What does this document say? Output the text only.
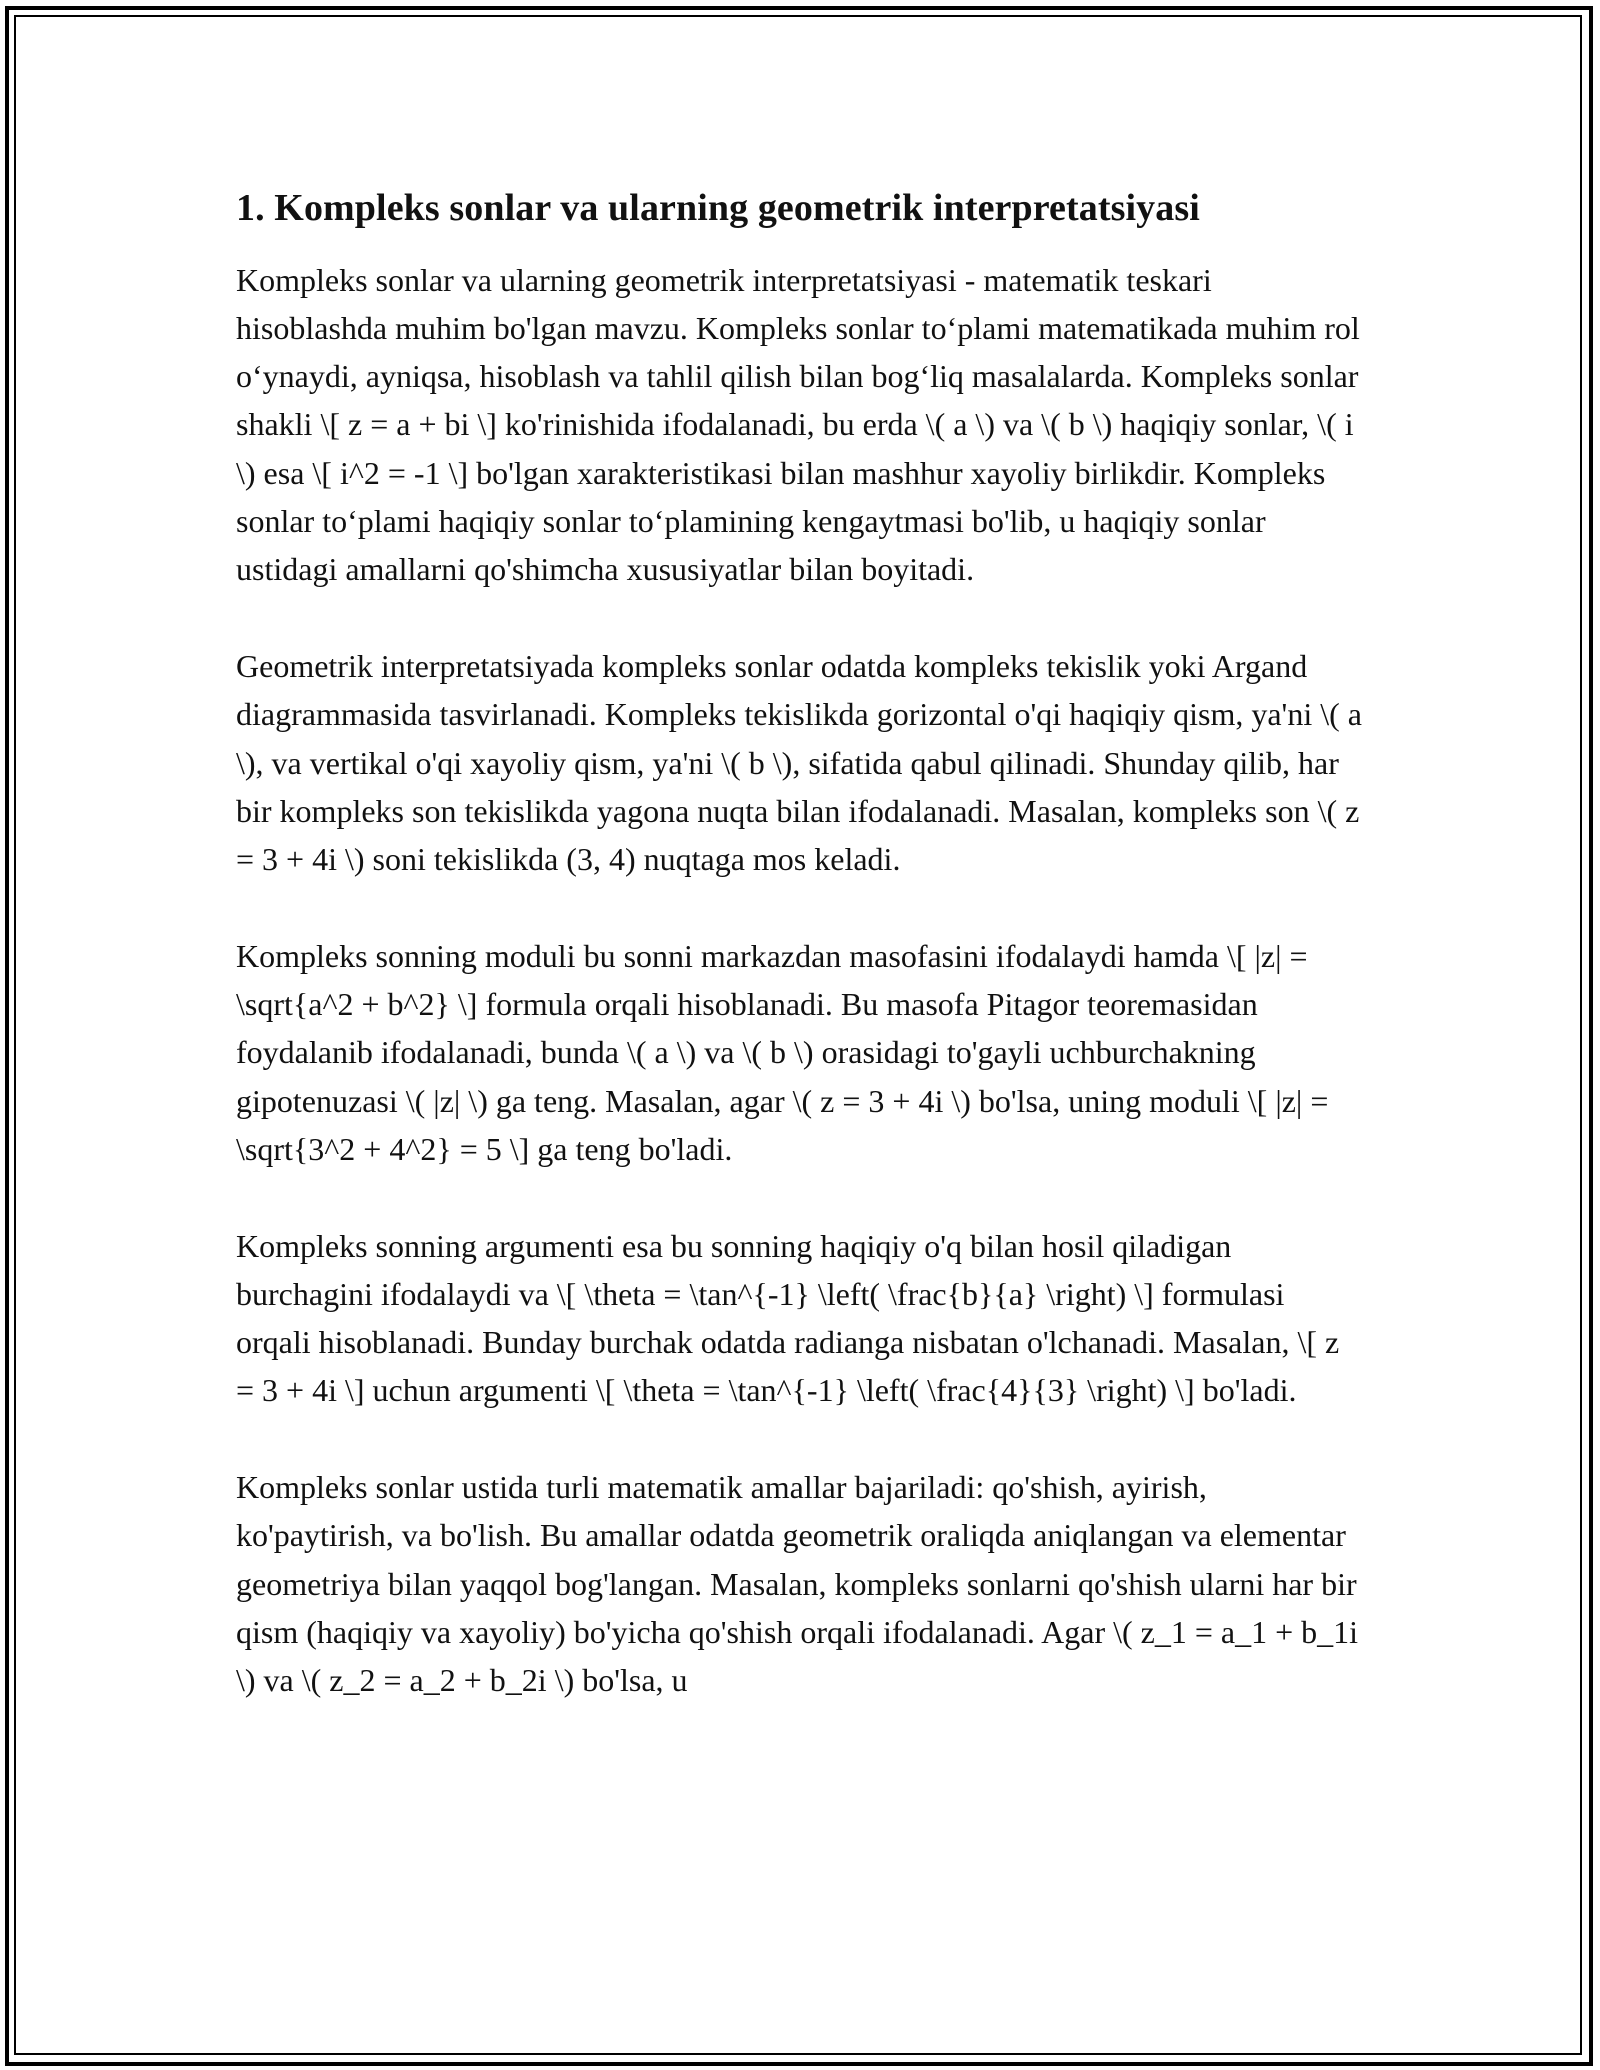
1. Kompleks sonlar va ularning geometrik interpretatsiyasi

Kompleks sonlar va ularning geometrik interpretatsiyasi - matematik teskari hisoblashda muhim bo'lgan mavzu. Kompleks sonlar to‘plami matematikada muhim rol o‘ynaydi, ayniqsa, hisoblash va tahlil qilish bilan bog‘liq masalalarda. Kompleks sonlar shakli \[ z = a + bi \] ko'rinishida ifodalanadi, bu erda \( a \) va \( b \) haqiqiy sonlar, \( i \) esa \[ i^2 = -1 \] bo'lgan xarakteristikasi bilan mashhur xayoliy birlikdir. Kompleks sonlar to‘plami haqiqiy sonlar to‘plamining kengaytmasi bo'lib, u haqiqiy sonlar ustidagi amallarni qo'shimcha xususiyatlar bilan boyitadi.

Geometrik interpretatsiyada kompleks sonlar odatda kompleks tekislik yoki Argand diagrammasida tasvirlanadi. Kompleks tekislikda gorizontal o'qi haqiqiy qism, ya'ni \( a \), va vertikal o'qi xayoliy qism, ya'ni \( b \), sifatida qabul qilinadi. Shunday qilib, har bir kompleks son tekislikda yagona nuqta bilan ifodalanadi. Masalan, kompleks son \( z = 3 + 4i \) soni tekislikda (3, 4) nuqtaga mos keladi.

Kompleks sonning moduli bu sonni markazdan masofasini ifodalaydi hamda \[ |z| = \sqrt{a^2 + b^2} \] formula orqali hisoblanadi. Bu masofa Pitagor teoremasidan foydalanib ifodalanadi, bunda \( a \) va \( b \) orasidagi to'gayli uchburchakning gipotenuzasi \( |z| \) ga teng. Masalan, agar \( z = 3 + 4i \) bo'lsa, uning moduli \[ |z| = \sqrt{3^2 + 4^2} = 5 \] ga teng bo'ladi.

Kompleks sonning argumenti esa bu sonning haqiqiy o'q bilan hosil qiladigan burchagini ifodalaydi va \[ \theta = \tan^{-1} \left( \frac{b}{a} \right) \] formulasi orqali hisoblanadi. Bunday burchak odatda radianga nisbatan o'lchanadi. Masalan, \[ z = 3 + 4i \] uchun argumenti \[ \theta = \tan^{-1} \left( \frac{4}{3} \right) \] bo'ladi.

Kompleks sonlar ustida turli matematik amallar bajariladi: qo'shish, ayirish, ko'paytirish, va bo'lish. Bu amallar odatda geometrik oraliqda aniqlangan va elementar geometriya bilan yaqqol bog'langan. Masalan, kompleks sonlarni qo'shish ularni har bir qism (haqiqiy va xayoliy) bo'yicha qo'shish orqali ifodalanadi. Agar \( z_1 = a_1 + b_1i \) va \( z_2 = a_2 + b_2i \) bo'lsa, u
